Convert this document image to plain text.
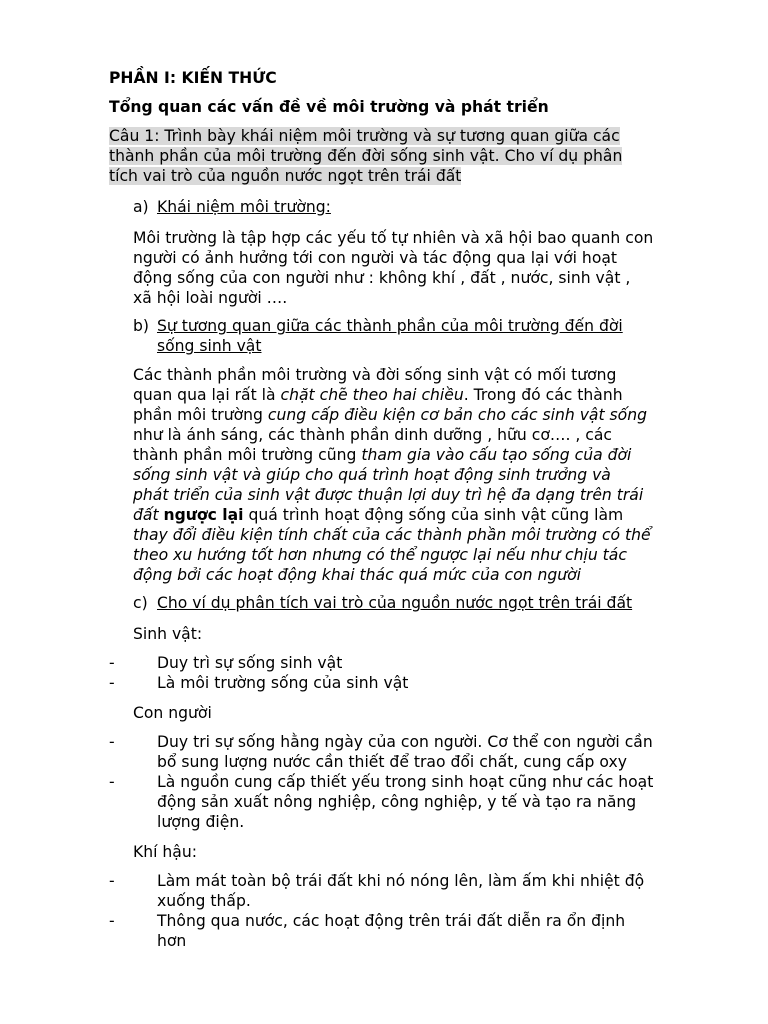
PHẦN I: KIẾN THỨC
Tổng quan các vấn đề về môi trường và phát triển
Câu 1: Trình bày khái niệm môi trường và sự tương quan giữa các
thành phần của môi trường đến đời sống sinh vật. Cho ví dụ phân
tích vai trò của nguồn nước ngọt trên trái đất
a) Khái niệm môi trường:
Môi trường là tập hợp các yếu tố tự nhiên và xã hội bao quanh con
người có ảnh hưởng tới con người và tác động qua lại với hoạt
động sống của con người như : không khí , đất , nước, sinh vật ,
xã hội loài người ….
b) Sự tương quan giữa các thành phần của môi trường đến đời
sống sinh vật
Các thành phần môi trường và đời sống sinh vật có mối tương
quan qua lại rất là chặt chẽ theo hai chiều. Trong đó các thành
phần môi trường cung cấp điều kiện cơ bản cho các sinh vật sống
như là ánh sáng, các thành phần dinh dưỡng , hữu cơ…. , các
thành phần môi trường cũng tham gia vào cấu tạo sống của đời
sống sinh vật và giúp cho quá trình hoạt động sinh trưởng và
phát triển của sinh vật được thuận lợi duy trì hệ đa dạng trên trái
đất ngược lại quá trình hoạt động sống của sinh vật cũng làm
thay đổi điều kiện tính chất của các thành phần môi trường có thể
theo xu hướng tốt hơn nhưng có thể ngược lại nếu như chịu tác
động bởi các hoạt động khai thác quá mức của con người
c) Cho ví dụ phân tích vai trò của nguồn nước ngọt trên trái đất
Sinh vật:
-	Duy trì sự sống sinh vật
-	Là môi trường sống của sinh vật
Con người
-	Duy tri sự sống hằng ngày của con người. Cơ thể con người cần
bổ sung lượng nước cần thiết để trao đổi chất, cung cấp oxy
-	Là nguồn cung cấp thiết yếu trong sinh hoạt cũng như các hoạt
động sản xuất nông nghiệp, công nghiệp, y tế và tạo ra năng
lượng điện.
Khí hậu:
-	Làm mát toàn bộ trái đất khi nó nóng lên, làm ấm khi nhiệt độ
xuống thấp.
-	Thông qua nước, các hoạt động trên trái đất diễn ra ổn định
hơn
